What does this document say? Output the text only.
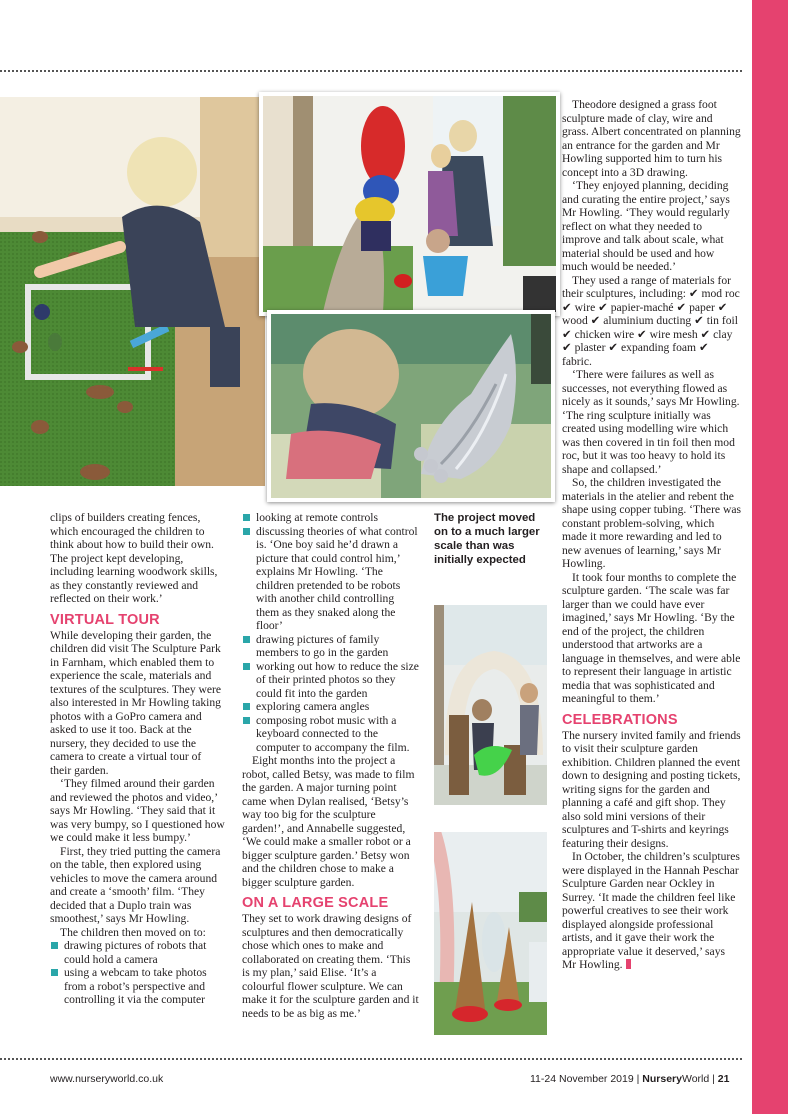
clips of builders creating fences, which encouraged the children to think about how to build their own. The project kept developing, including learning woodwork skills, as they constantly reviewed and reflected on their work.’

VIRTUAL TOUR

While developing their garden, the children did visit The Sculpture Park in Farnham, which enabled them to experience the scale, materials and textures of the sculptures. They were also interested in Mr Howling taking photos with a GoPro camera and asked to use it too. Back at the nursery, they decided to use the camera to create a virtual tour of their garden.

‘They filmed around their garden and reviewed the photos and video,’ says Mr Howling. ‘They said that it was very bumpy, so I questioned how we could make it less bumpy.’

First, they tried putting the camera on the table, then explored using vehicles to move the camera around and create a ‘smooth’ film. ‘They decided that a Duplo train was smoothest,’ says Mr Howling.

The children then moved on to:

drawing pictures of robots that could hold a camera
using a webcam to take photos from a robot’s perspective and controlling it via the computer
looking at remote controls
discussing theories of what control is. ‘One boy said he’d drawn a picture that could control him,’ explains Mr Howling. ‘The children pretended to be robots with another child controlling them as they snaked along the floor’
drawing pictures of family members to go in the garden
working out how to reduce the size of their printed photos so they could fit into the garden
exploring camera angles
composing robot music with a keyboard connected to the computer to accompany the film.

Eight months into the project a robot, called Betsy, was made to film the garden. A major turning point came when Dylan realised, ‘Betsy’s way too big for the sculpture garden!’, and Annabelle suggested, ‘We could make a smaller robot or a bigger sculpture garden.’ Betsy won and the children chose to make a bigger sculpture garden.

ON A LARGE SCALE

They set to work drawing designs of sculptures and then democratically chose which ones to make and collaborated on creating them. ‘This is my plan,’ said Elise. ‘It’s a colourful flower sculpture. We can make it for the sculpture garden and it needs to be as big as me.’

The project moved on to a much larger scale than was initially expected

Theodore designed a grass foot sculpture made of clay, wire and grass. Albert concentrated on planning an entrance for the garden and Mr Howling supported him to turn his concept into a 3D drawing.

‘They enjoyed planning, deciding and curating the entire project,’ says Mr Howling. ‘They would regularly reflect on what they needed to improve and talk about scale, what material should be used and how much would be needed.’

They used a range of materials for their sculptures, including: ✔ mod roc ✔ wire ✔ papier-maché ✔ paper ✔ wood ✔ aluminium ducting ✔ tin foil ✔ chicken wire ✔ wire mesh ✔ clay ✔ plaster ✔ expanding foam ✔ fabric.

‘There were failures as well as successes, not everything flowed as nicely as it sounds,’ says Mr Howling. ‘The ring sculpture initially was created using modelling wire which was then covered in tin foil then mod roc, but it was too heavy to hold its shape and collapsed.’

So, the children investigated the materials in the atelier and rebent the shape using copper tubing. ‘There was constant problem-solving, which made it more rewarding and led to new avenues of learning,’ says Mr Howling.

It took four months to complete the sculpture garden. ‘The scale was far larger than we could have ever imagined,’ says Mr Howling. ‘By the end of the project, the children understood that artworks are a language in themselves, and were able to represent their language in artistic media that was sophisticated and meaningful to them.’

CELEBRATIONS

The nursery invited family and friends to visit their sculpture garden exhibition. Children planned the event down to designing and posting tickets, writing signs for the garden and planning a café and gift shop. They also sold mini versions of their sculptures and T-shirts and keyrings featuring their designs.

In October, the children’s sculptures were displayed in the Hannah Peschar Sculpture Garden near Ockley in Surrey. ‘It made the children feel like powerful creatives to see their work displayed alongside professional artists, and it gave their work the appropriate value it deserved,’ says Mr Howling.

www.nurseryworld.co.uk	11-24 November 2019 | NurseryWorld | 21
